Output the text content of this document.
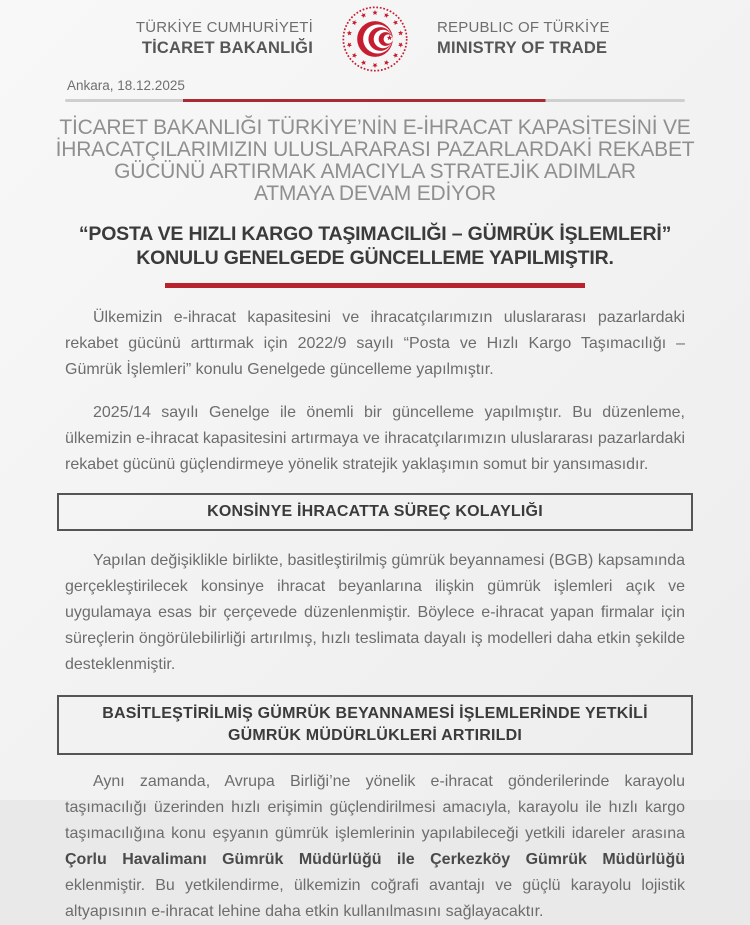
TÜRKİYE CUMHURİYETİ
TİCARET BAKANLIĞI
REPUBLIC OF TÜRKİYE
MINISTRY OF TRADE
Ankara, 18.12.2025
TİCARET BAKANLIĞI TÜRKİYE’NİN E-İHRACAT KAPASİTESİNİ VE
İHRACATÇILARIMIZIN ULUSLARARASI PAZARLARDAKİ REKABET
GÜCÜNÜ ARTIRMAK AMACIYLA STRATEJİK ADIMLAR
ATMAYA DEVAM EDİYOR
“POSTA VE HIZLI KARGO TAŞIMACILIĞI – GÜMRÜK İŞLEMLERİ”
KONULU GENELGEDE GÜNCELLEME YAPILMIŞTIR.

Ülkemizin e-ihracat kapasitesini ve ihracatçılarımızın uluslararası pazarlardaki rekabet gücünü arttırmak için 2022/9 sayılı “Posta ve Hızlı Kargo Taşımacılığı – Gümrük İşlemleri” konulu Genelgede güncelleme yapılmıştır.

2025/14 sayılı Genelge ile önemli bir güncelleme yapılmıştır. Bu düzenleme, ülkemizin e-ihracat kapasitesini artırmaya ve ihracatçılarımızın uluslararası pazarlardaki rekabet gücünü güçlendirmeye yönelik stratejik yaklaşımın somut bir yansımasıdır.

KONSİNYE İHRACATTA SÜREÇ KOLAYLIĞI

Yapılan değişiklikle birlikte, basitleştirilmiş gümrük beyannamesi (BGB) kapsamında gerçekleştirilecek konsinye ihracat beyanlarına ilişkin gümrük işlemleri açık ve uygulamaya esas bir çerçevede düzenlenmiştir. Böylece e-ihracat yapan firmalar için süreçlerin öngörülebilirliği artırılmış, hızlı teslimata dayalı iş modelleri daha etkin şekilde desteklenmiştir.

BASİTLEŞTİRİLMİŞ GÜMRÜK BEYANNAMESİ İŞLEMLERİNDE YETKİLİ GÜMRÜK MÜDÜRLÜKLERİ ARTIRILDI

Aynı zamanda, Avrupa Birliği’ne yönelik e-ihracat gönderilerinde karayolu taşımacılığı üzerinden hızlı erişimin güçlendirilmesi amacıyla, karayolu ile hızlı kargo taşımacılığına konu eşyanın gümrük işlemlerinin yapılabileceği yetkili idareler arasına Çorlu Havalimanı Gümrük Müdürlüğü ile Çerkezköy Gümrük Müdürlüğü eklenmiştir. Bu yetkilendirme, ülkemizin coğrafi avantajı ve güçlü karayolu lojistik altyapısının e-ihracat lehine daha etkin kullanılmasını sağlayacaktır.
